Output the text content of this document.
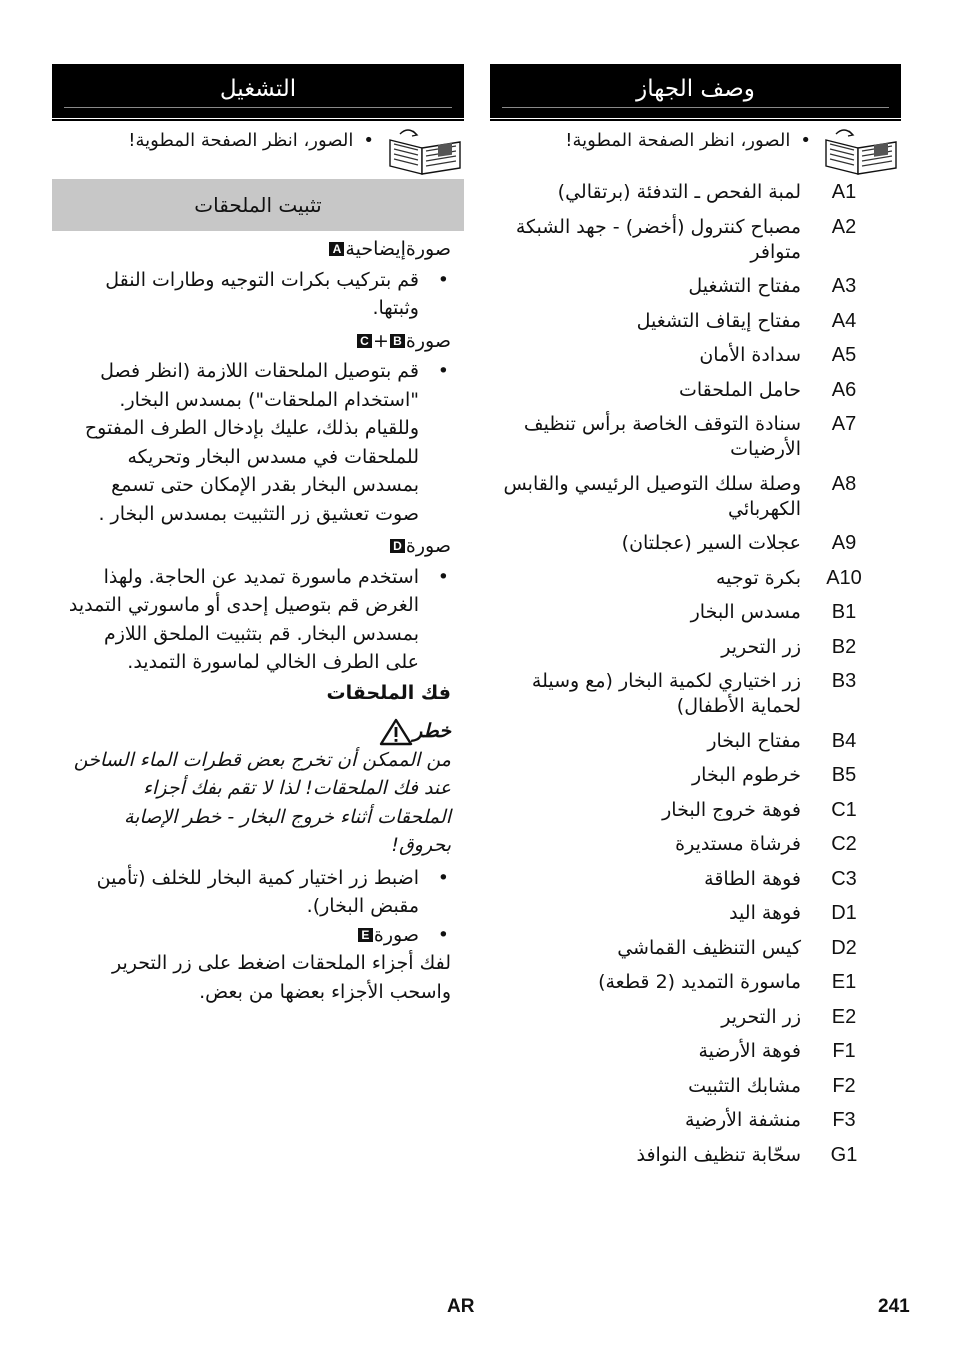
وصف الجهاز
•الصور، انظر الصفحة المطوية!
A1	لمبة الفحص ـ التدفئة (برتقالي)
A2	مصباح كنترول (أخضر) - جهد الشبكة متوافر
A3	مفتاح التشغيل
A4	مفتاح إيقاف التشغيل
A5	سدادة الأمان
A6	حامل الملحقات
A7	سنادة التوقف الخاصة برأس تنظيف الأرضيات
A8	وصلة سلك التوصيل الرئيسي والقابس الكهربائي
A9	عجلات السير (عجلتان)
A10	بكرة توجيه
B1	مسدس البخار
B2	زر التحرير
B3	زر اختياري لكمية البخار (مع وسيلة لحماية الأطفال)
B4	مفتاح البخار
B5	خرطوم البخار
C1	فوهة خروج البخار
C2	فرشاة مستديرة
C3	فوهة الطاقة
D1	فوهة اليد
D2	كيس التنظيف القماشي
E1	ماسورة التمديد (2 قطعة)
E2	زر التحرير
F1	فوهة الأرضية
F2	مشابك التثبيت
F3	منشفة الأرضية
G1	سحّابة تنظيف النوافذ
التشغيل
•الصور، انظر الصفحة المطوية!
تثبيت الملحقات
صورةإيضاحيةA
•
قم بتركيب بكرات التوجيه وطارات النقل وثبتها.
صورةB+C
•
قم بتوصيل الملحقات اللازمة (انظر فصل "استخدام الملحقات") بمسدس البخار. وللقيام بذلك، عليك بإدخال الطرف المفتوح للملحقات في مسدس البخار وتحريكه بمسدس البخار بقدر الإمكان حتى تسمع صوت تعشيق زر التثبيت بمسدس البخار .
صورةD
•
استخدم ماسورة تمديد عن الحاجة. ولهذا الغرض قم بتوصيل إحدى أو ماسورتي التمديد بمسدس البخار. قم بتثبيت الملحق اللازم على الطرف الخالي لماسورة التمديد.
فك الملحقات
خطر
من الممكن أن تخرج بعض قطرات الماء الساخن عند فك الملحقات! لذا لا تقم بفك أجزاء الملحقات أثناء خروج البخار - خطر الإصابة بحروق!
•
اضبط زر اختيار كمية البخار للخلف (تأمين مقبض البخار).
•
صورةE
لفك أجزاء الملحقات اضغط على زر التحرير واسحب الأجزاء بعضها من بعض.
AR	241
